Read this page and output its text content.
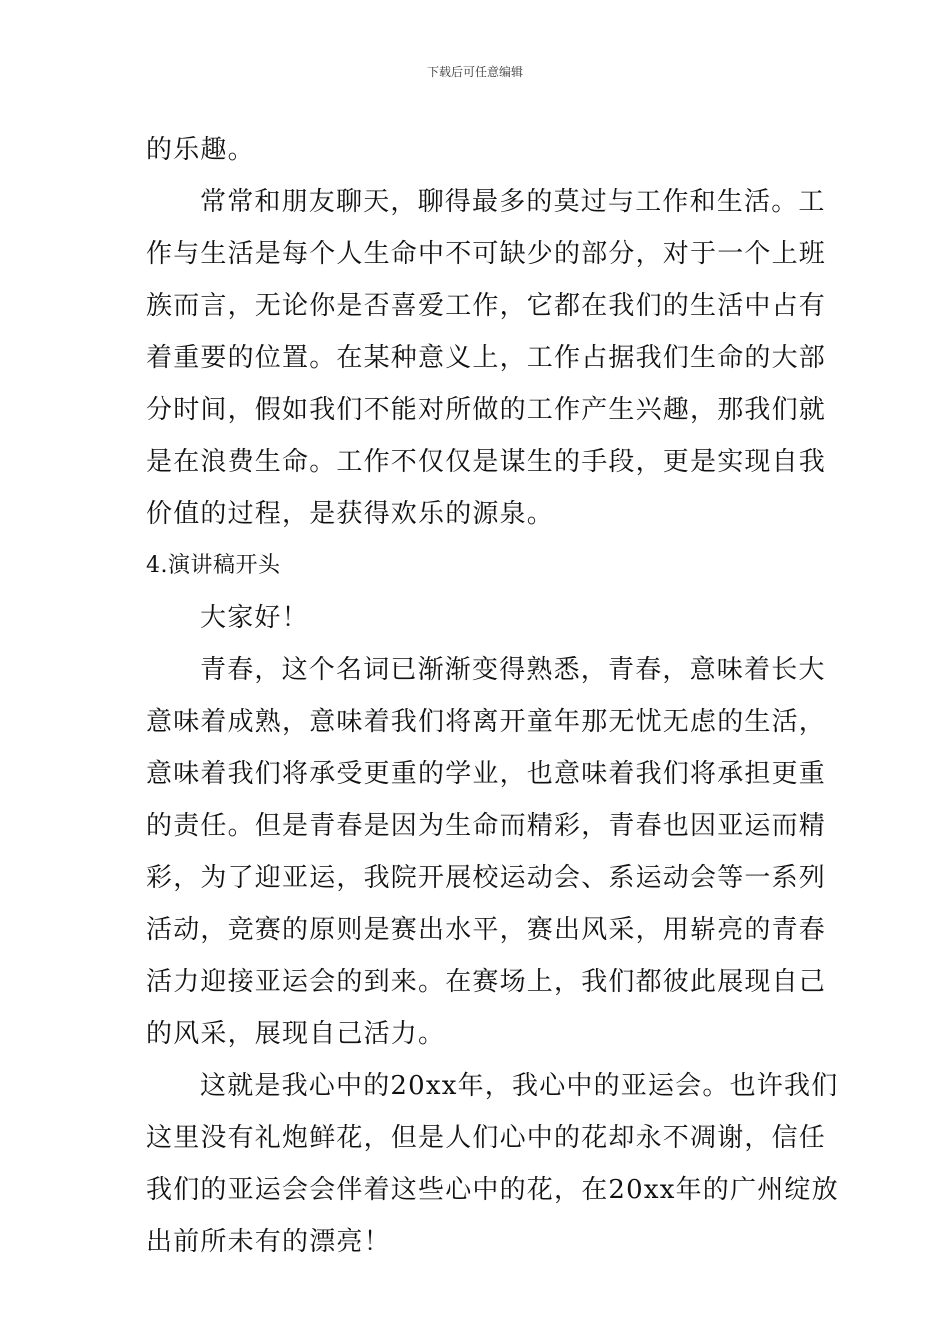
下载后可任意编辑
的乐趣。
常常和朋友聊天，聊得最多的莫过与工作和生活。工
作与生活是每个人生命中不可缺少的部分，对于一个上班
族而言，无论你是否喜爱工作，它都在我们的生活中占有
着重要的位置。在某种意义上，工作占据我们生命的大部
分时间，假如我们不能对所做的工作产生兴趣，那我们就
是在浪费生命。工作不仅仅是谋生的手段，更是实现自我
价值的过程，是获得欢乐的源泉。
4.演讲稿开头
大家好！
青春，这个名词已渐渐变得熟悉，青春，意味着长大
意味着成熟，意味着我们将离开童年那无忧无虑的生活，
意味着我们将承受更重的学业，也意味着我们将承担更重
的责任。但是青春是因为生命而精彩，青春也因亚运而精
彩，为了迎亚运，我院开展校运动会、系运动会等一系列
活动，竞赛的原则是赛出水平，赛出风采，用崭亮的青春
活力迎接亚运会的到来。在赛场上，我们都彼此展现自己
的风采，展现自己活力。
这就是我心中的20xx年，我心中的亚运会。也许我们
这里没有礼炮鲜花，但是人们心中的花却永不凋谢，信任
我们的亚运会会伴着这些心中的花，在20xx年的广州绽放
出前所未有的漂亮！
